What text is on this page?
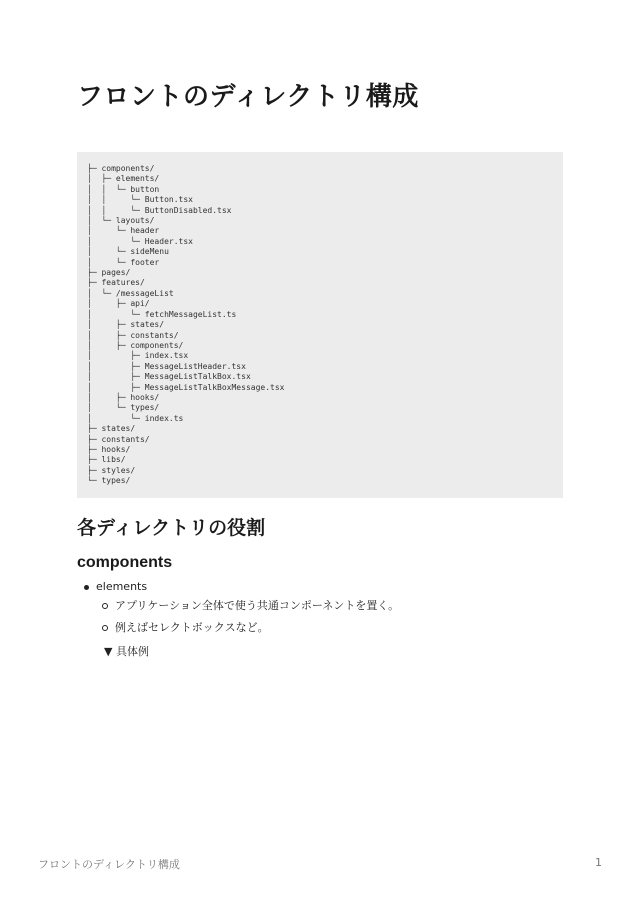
フロントのディレクトリ構成
├─ components/
│  ├─ elements/
│  │  └─ button
│  │     └─ Button.tsx
│  │     └─ ButtonDisabled.tsx
│  └─ layouts/
│     └─ header
│        └─ Header.tsx
│     └─ sideMenu
│     └─ footer
├─ pages/
├─ features/
│  └─ /messageList
│     ├─ api/
│        └─ fetchMessageList.ts
│     ├─ states/
│     ├─ constants/
│     ├─ components/
│        ├─ index.tsx
│        ├─ MessageListHeader.tsx
│        ├─ MessageListTalkBox.tsx
│        ├─ MessageListTalkBoxMessage.tsx
│     ├─ hooks/
│     └─ types/
│        └─ index.ts
├─ states/
├─ constants/
├─ hooks/
├─ libs/
├─ styles/
└─ types/

各ディレクトリの役割
components
elements
アプリケーション全体で使う共通コンポーネントを置く。
例えばセレクトボックスなど。
▼ 具体例
フロントのディレクトリ構成	1
